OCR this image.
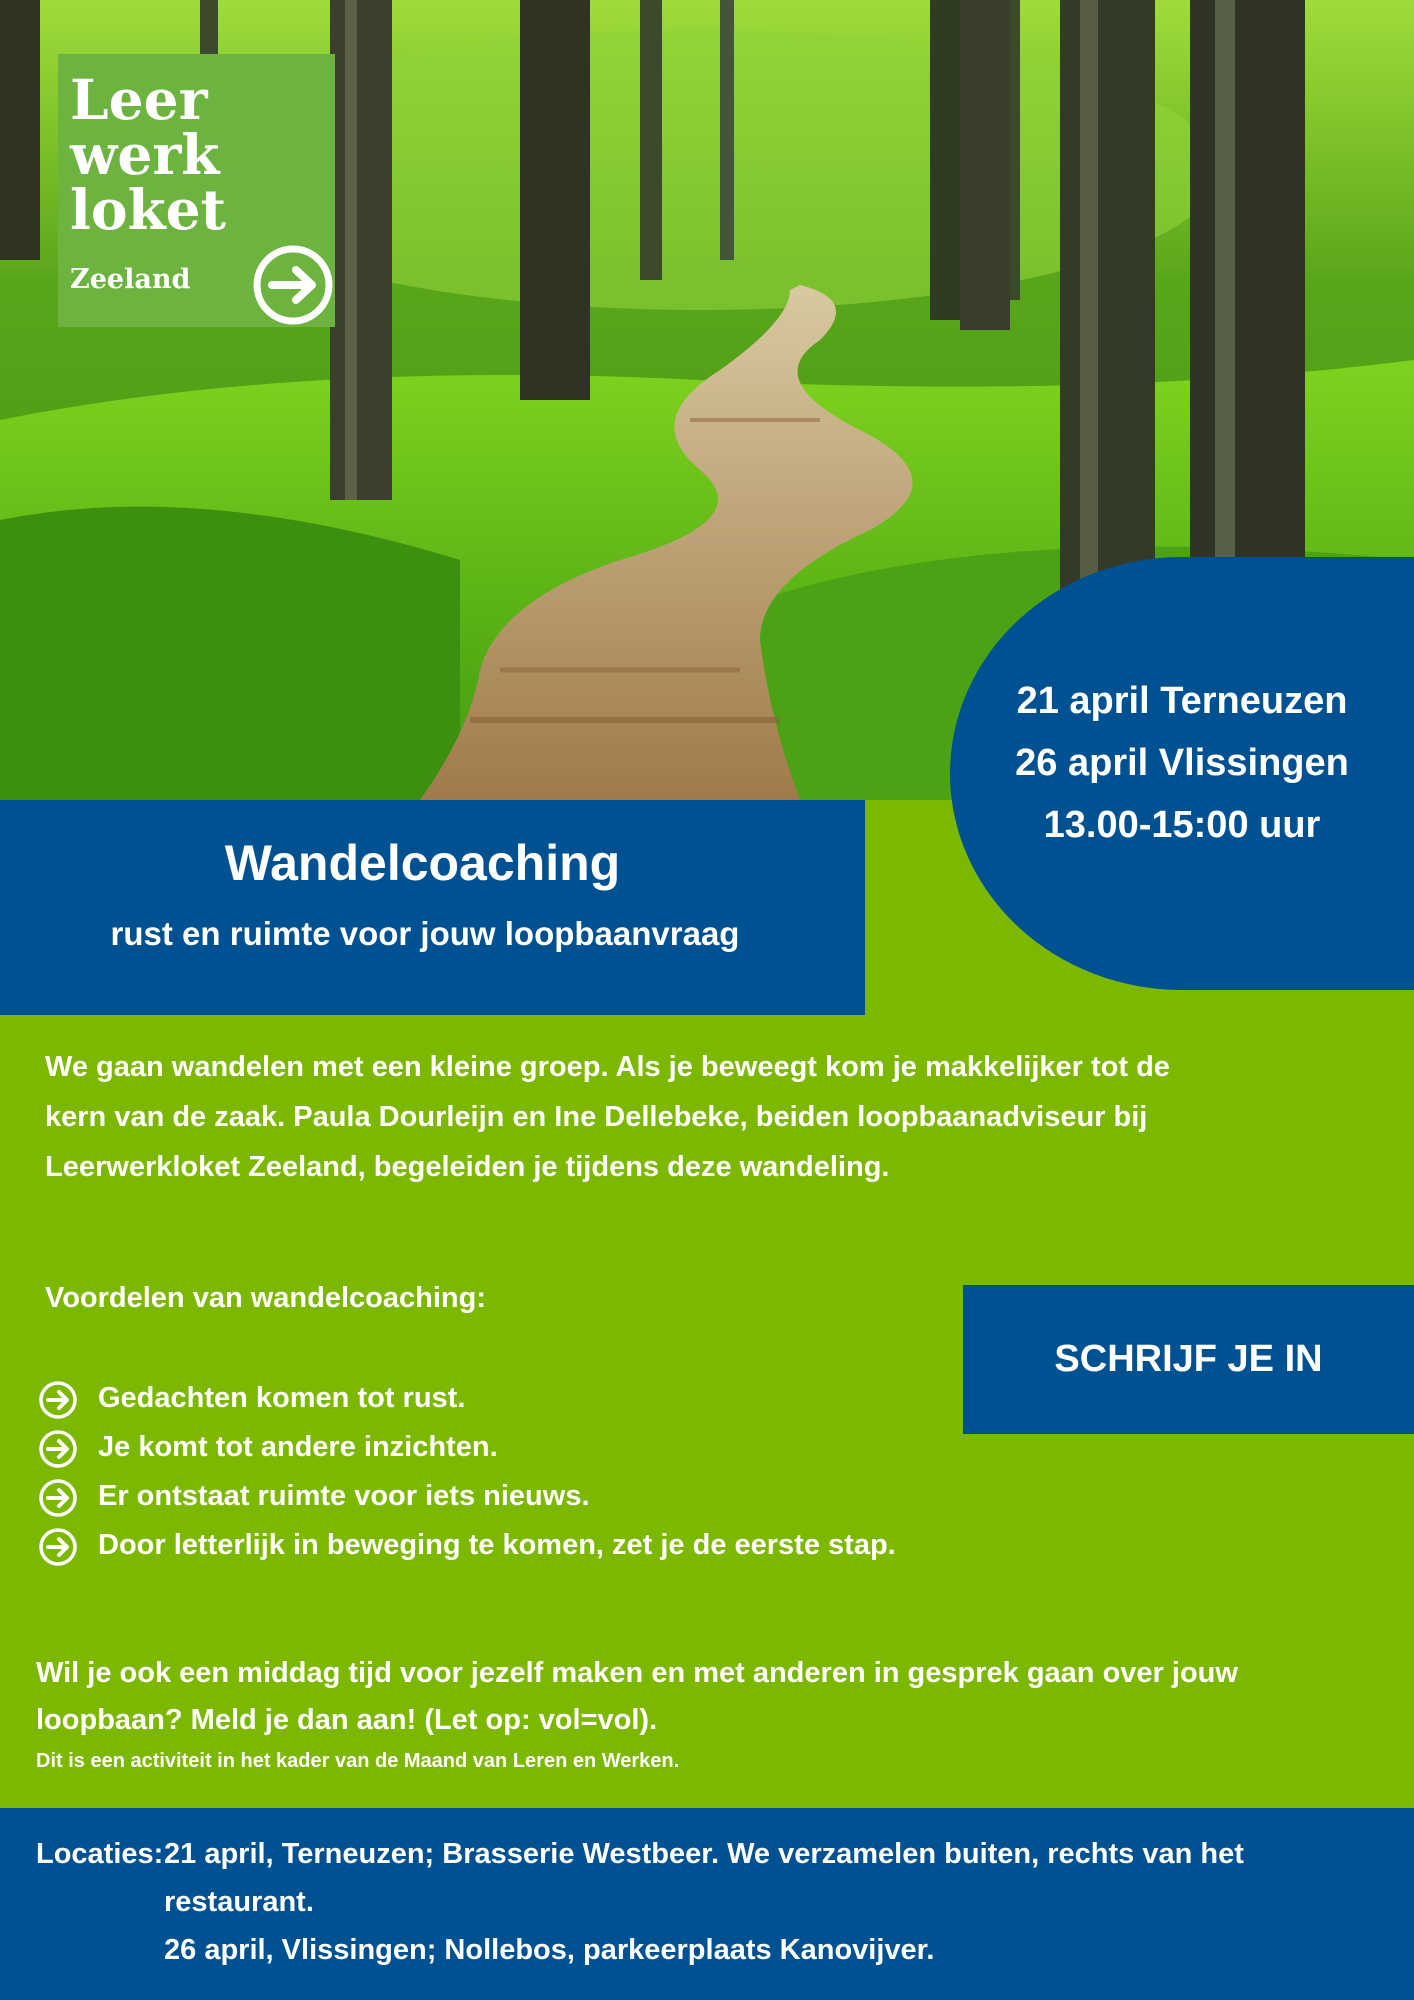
Leer
werk
loket
Zeeland
21 april Terneuzen
26 april Vlissingen
13.00-15:00 uur
Wandelcoaching
rust en ruimte voor jouw loopbaanvraag
We gaan wandelen met een kleine groep. Als je beweegt kom je makkelijker tot de
kern van de zaak. Paula Dourleijn en Ine Dellebeke, beiden loopbaanadviseur bij
Leerwerkloket Zeeland, begeleiden je tijdens deze wandeling.
Voordelen van wandelcoaching:
Gedachten komen tot rust.
Je komt tot andere inzichten.
Er ontstaat ruimte voor iets nieuws.
Door letterlijk in beweging te komen, zet je de eerste stap.
SCHRIJF JE IN
Wil je ook een middag tijd voor jezelf maken en met anderen in gesprek gaan over jouw
loopbaan? Meld je dan aan! (Let op: vol=vol).
Dit is een activiteit in het kader van de Maand van Leren en Werken.
Locaties: 21 april, Terneuzen; Brasserie Westbeer. We verzamelen buiten, rechts van het
restaurant.
26 april, Vlissingen; Nollebos, parkeerplaats Kanovijver.
